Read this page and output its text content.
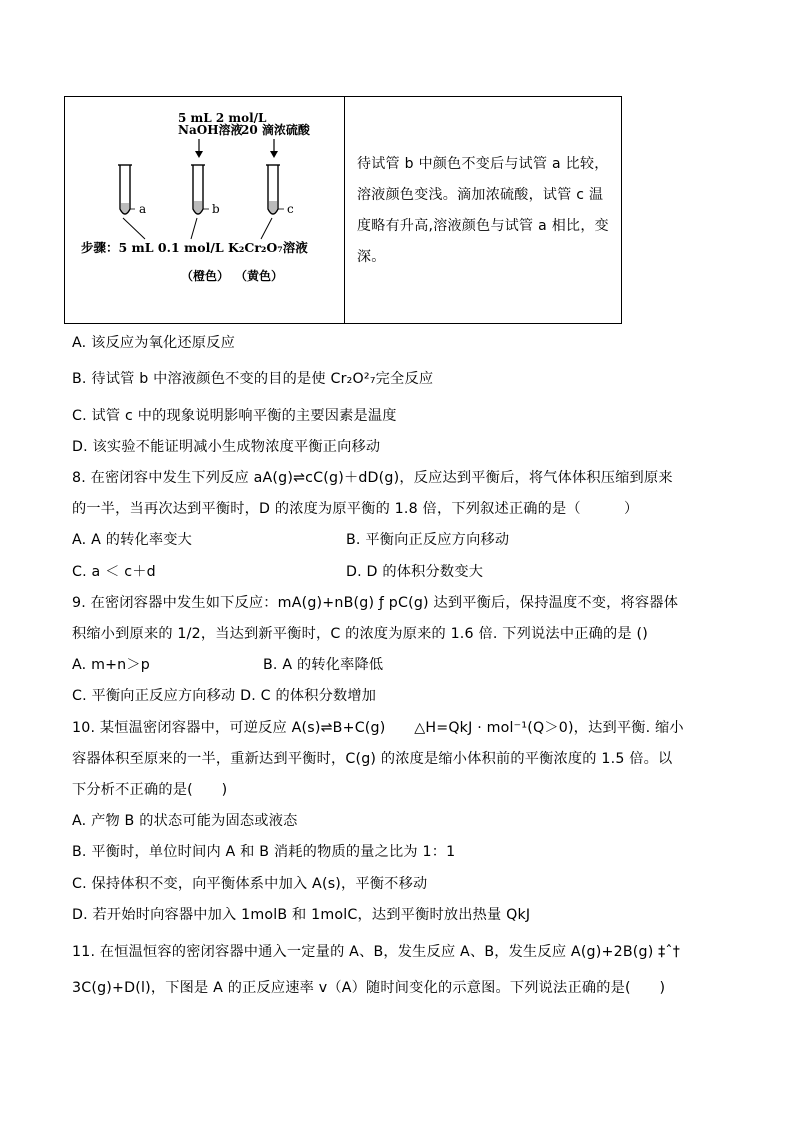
5 mL 2 mol/L
NaOH溶液
20 滴浓硫酸
a	b	c
步骤：5 mL 0.1 mol/L K₂Cr₂O₇溶液
（橙色） （黄色）
待试管 b 中颜色不变后与试管 a 比较，溶液颜色变浅。滴加浓硫酸，试管 c 温度略有升高,溶液颜色与试管 a 相比，变深。
A. 该反应为氧化还原反应
B. 待试管 b 中溶液颜色不变的目的是使 Cr₂O²₇完全反应
C. 试管 c 中的现象说明影响平衡的主要因素是温度
D. 该实验不能证明减小生成物浓度平衡正向移动
8. 在密闭容中发生下列反应 aA(g)⇌cC(g)＋dD(g)，反应达到平衡后，将气体体积压缩到原来
的一半，当再次达到平衡时，D 的浓度为原平衡的 1.8 倍，下列叙述正确的是（　　　）
A. A 的转化率变大	B. 平衡向正反应方向移动
C. a ＜ c＋d	D. D 的体积分数变大
9. 在密闭容器中发生如下反应：mA(g)+nB(g) ƒ pC(g) 达到平衡后，保持温度不变，将容器体
积缩小到原来的 1/2，当达到新平衡时，C 的浓度为原来的 1.6 倍. 下列说法中正确的是 ()
A. m+n＞p	B. A 的转化率降低
C. 平衡向正反应方向移动 D. C 的体积分数增加
10. 某恒温密闭容器中，可逆反应 A(s)⇌B+C(g)　　△H=QkJ · mol⁻¹(Q＞0)，达到平衡. 缩小
容器体积至原来的一半，重新达到平衡时，C(g) 的浓度是缩小体积前的平衡浓度的 1.5 倍。以
下分析不正确的是(　　)
A. 产物 B 的状态可能为固态或液态
B. 平衡时，单位时间内 A 和 B 消耗的物质的量之比为 1：1
C. 保持体积不变，向平衡体系中加入 A(s)，平衡不移动
D. 若开始时向容器中加入 1molB 和 1molC，达到平衡时放出热量 QkJ
11. 在恒温恒容的密闭容器中通入一定量的 A、B，发生反应 A、B，发生反应 A(g)+2B(g) ‡ˆ†
3C(g)+D(l)，下图是 A 的正反应速率 v（A）随时间变化的示意图。下列说法正确的是(　　)
